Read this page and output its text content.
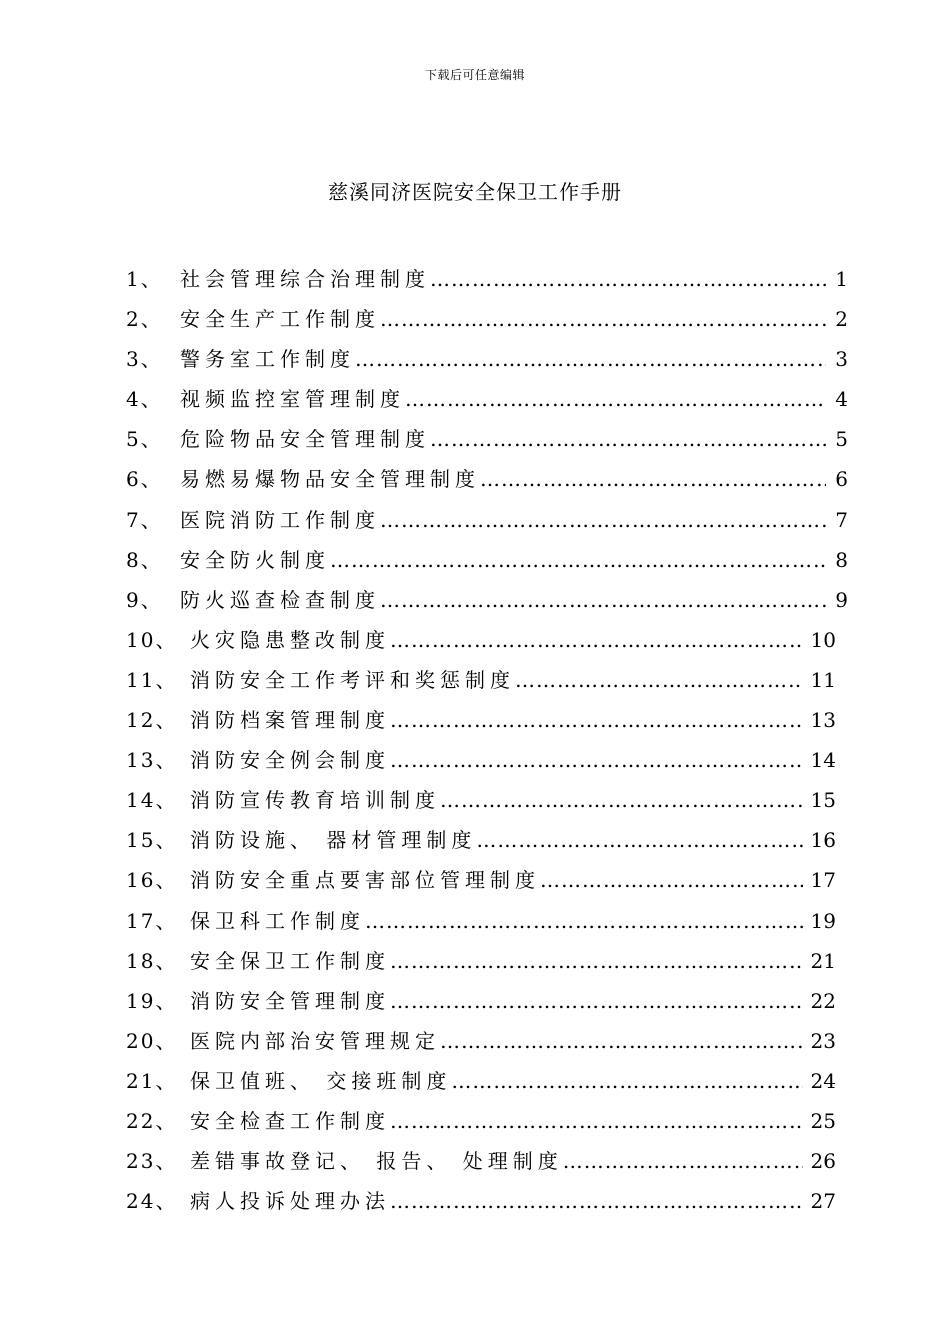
下载后可任意编辑
慈溪同济医院安全保卫工作手册
1、 社会管理综合治理制度 …………………………………………………………………………………………………………………………	1
2、 安全生产工作制度 …………………………………………………………………………………………………………………………	2
3、 警务室工作制度 …………………………………………………………………………………………………………………………	3
4、 视频监控室管理制度 …………………………………………………………………………………………………………………………	4
5、 危险物品安全管理制度 …………………………………………………………………………………………………………………………	5
6、 易燃易爆物品安全管理制度 …………………………………………………………………………………………………………………………	6
7、 医院消防工作制度 …………………………………………………………………………………………………………………………	7
8、 安全防火制度 …………………………………………………………………………………………………………………………	8
9、 防火巡查检查制度 …………………………………………………………………………………………………………………………	9
10、 火灾隐患整改制度 …………………………………………………………………………………………………………………………	10
11、 消防安全工作考评和奖惩制度 …………………………………………………………………………………………………………………………	11
12、 消防档案管理制度 …………………………………………………………………………………………………………………………	13
13、 消防安全例会制度 …………………………………………………………………………………………………………………………	14
14、 消防宣传教育培训制度 …………………………………………………………………………………………………………………………	15
15、 消防设施、 器材管理制度 …………………………………………………………………………………………………………………………	16
16、 消防安全重点要害部位管理制度 …………………………………………………………………………………………………………………………	17
17、 保卫科工作制度 …………………………………………………………………………………………………………………………	19
18、 安全保卫工作制度 …………………………………………………………………………………………………………………………	21
19、 消防安全管理制度 …………………………………………………………………………………………………………………………	22
20、 医院内部治安管理规定 …………………………………………………………………………………………………………………………	23
21、 保卫值班、 交接班制度 …………………………………………………………………………………………………………………………	24
22、 安全检查工作制度 …………………………………………………………………………………………………………………………	25
23、 差错事故登记、 报告、 处理制度 …………………………………………………………………………………………………………………………	26
24、 病人投诉处理办法 …………………………………………………………………………………………………………………………	27
